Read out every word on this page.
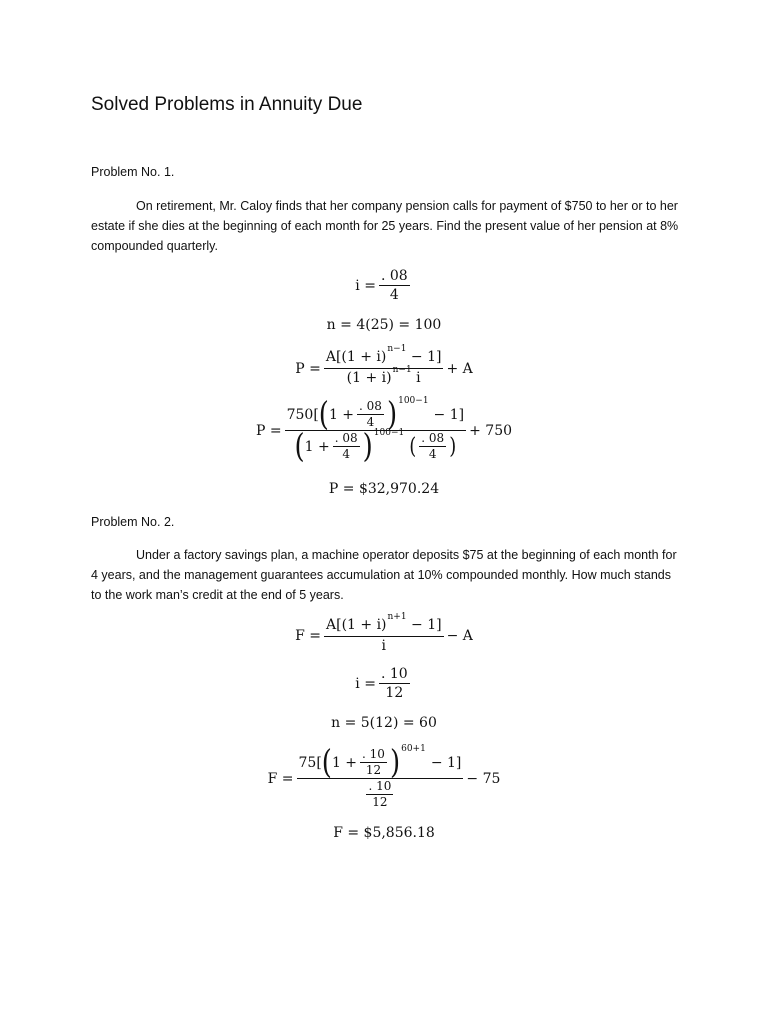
Solved Problems in Annuity Due
Problem No. 1.
On retirement, Mr. Caloy finds that her company pension calls for payment of $750 to her or to her estate if she dies at the beginning of each month for 25 years. Find the present value of her pension at 8% compounded quarterly.
$i = \frac{. 08}{4}$
n = 4(25) = 100
$P = \frac{A[(1 + i)^{n-1} - 1]}{(1 + i)^{n-1} i} + A$
P = 750[ ( $1 + \frac{. 08}{4}$ ) 100−1
− 1]
( $1 + \frac{. 08}{4}$ ) 100−1
( $\frac{. 08}{4}$ ) + 750
P = $32,970.24
Problem No. 2.
Under a factory savings plan, a machine operator deposits $75 at the beginning of each month for 4 years, and the management guarantees accumulation at 10% compounded monthly. How much stands to the work man’s credit at the end of 5 years.
$F = \frac{A[(1 + i)^{n+1} - 1]}{i} - A$
$i = \frac{. 10}{12}$
n = 5(12) = 60
F = 75[ ( $1 + \frac{. 10}{12}$ ) 60+1
− 1]
$\frac{. 10}{12} - 75$
F = $5,856.18
